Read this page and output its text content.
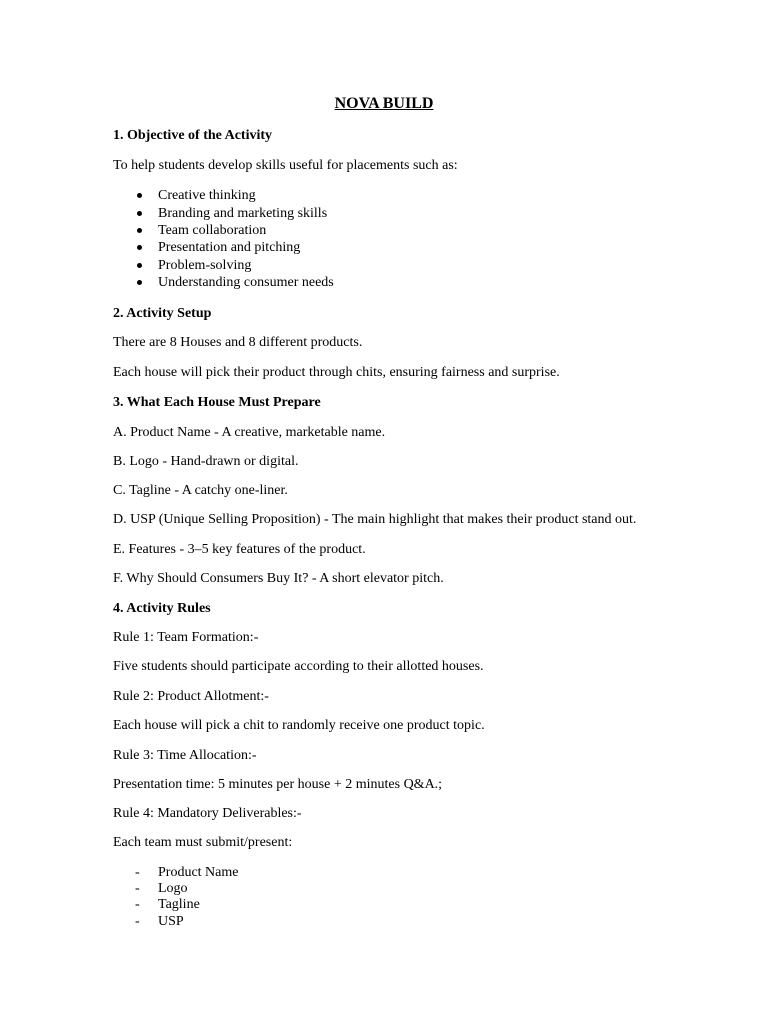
NOVA BUILD
1. Objective of the Activity
To help students develop skills useful for placements such as:
Creative thinking
Branding and marketing skills
Team collaboration
Presentation and pitching
Problem-solving
Understanding consumer needs
2. Activity Setup
There are 8 Houses and 8 different products.
Each house will pick their product through chits, ensuring fairness and surprise.
3. What Each House Must Prepare
A. Product Name - A creative, marketable name.
B. Logo - Hand-drawn or digital.
C. Tagline - A catchy one-liner.
D. USP (Unique Selling Proposition) - The main highlight that makes their product stand out.
E. Features - 3–5 key features of the product.
F. Why Should Consumers Buy It? - A short elevator pitch.
4. Activity Rules
Rule 1: Team Formation:-
Five students should participate according to their allotted houses.
Rule 2: Product Allotment:-
Each house will pick a chit to randomly receive one product topic.
Rule 3: Time Allocation:-
Presentation time: 5 minutes per house + 2 minutes Q&A.;
Rule 4: Mandatory Deliverables:-
Each team must submit/present:
- Product Name
- Logo
- Tagline
- USP
